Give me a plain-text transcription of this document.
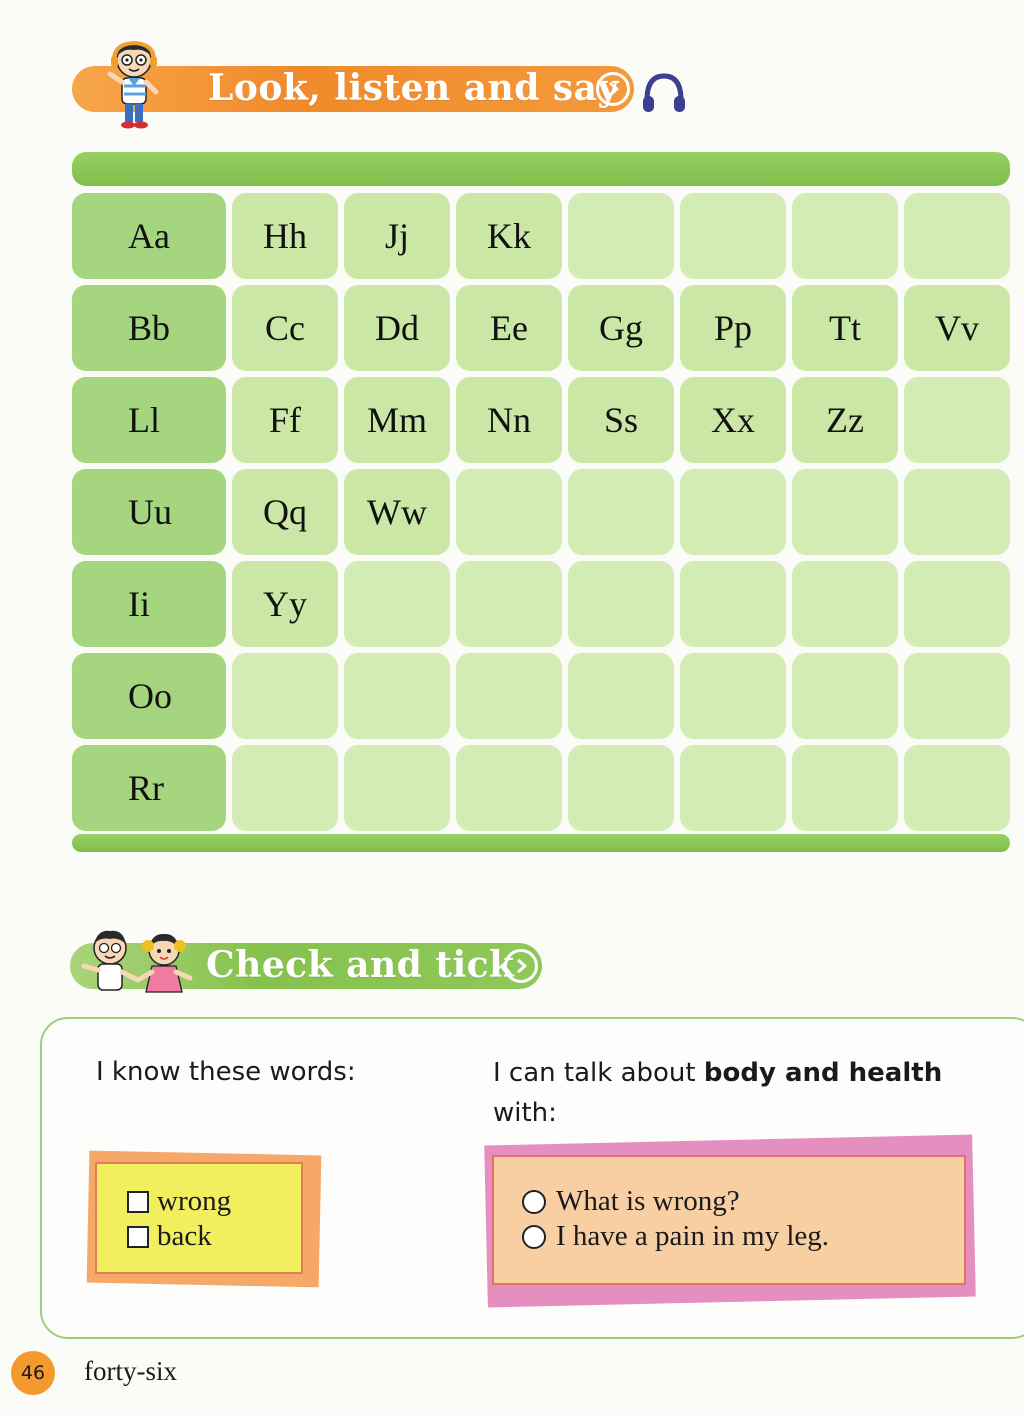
Look, listen and say
Aa	Hh	Jj	Kk
Bb	Cc	Dd	Ee	Gg	Pp	Tt	Vv
Ll	Ff	Mm	Nn	Ss	Xx	Zz
Uu	Qq	Ww
Ii	Yy
Oo
Rr
Check and tick
I know these words:	I can talk about body and health
with:
wrong
back
What is wrong?
I have a pain in my leg.
46	forty-six
